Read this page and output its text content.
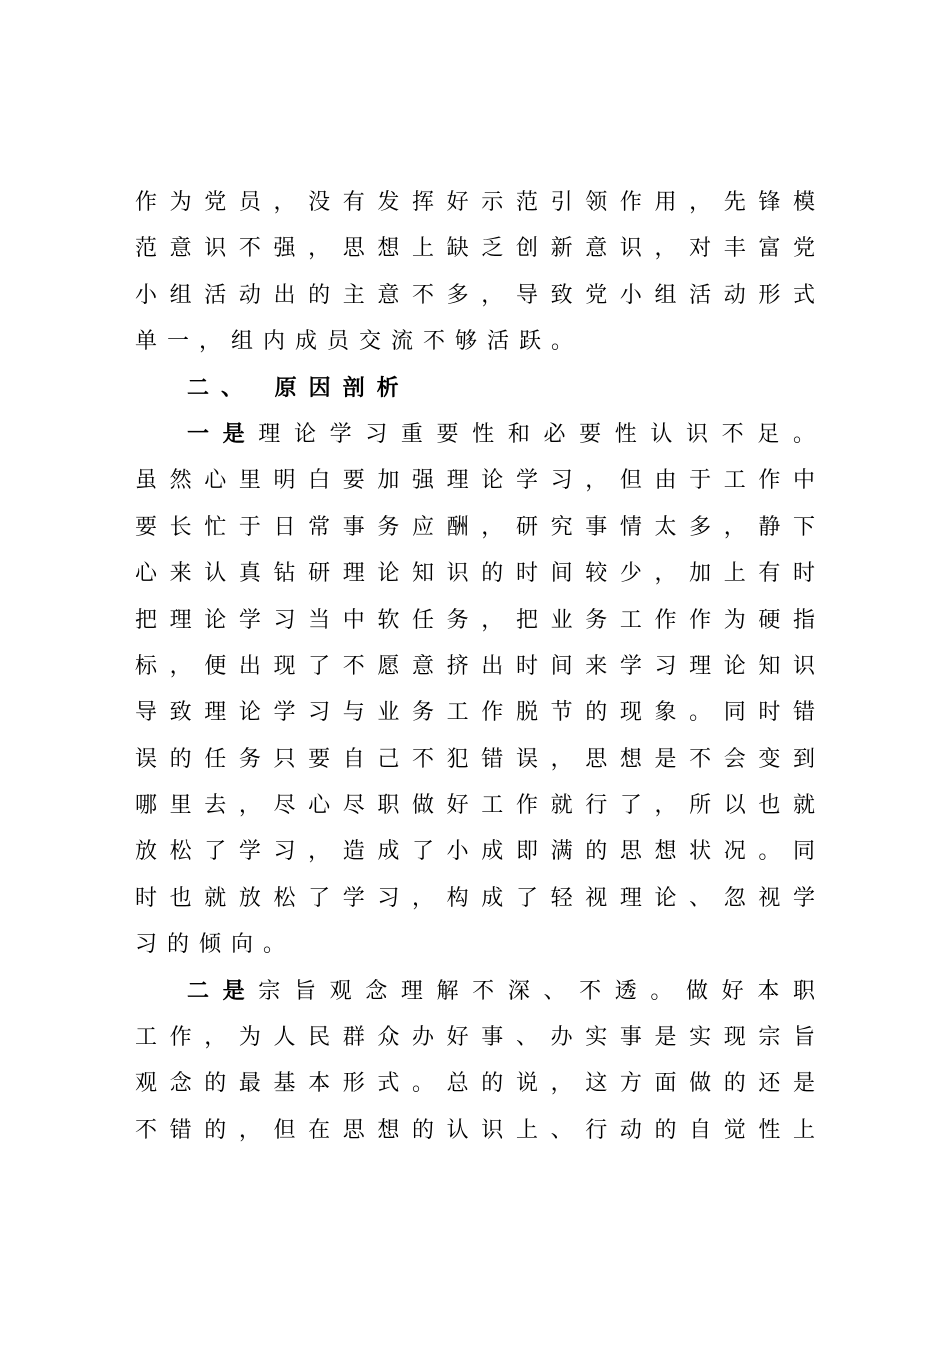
作为党员，没有发挥好示范引领作用，先锋模
范意识不强，思想上缺乏创新意识，对丰富党
小组活动出的主意不多，导致党小组活动形式
单一，组内成员交流不够活跃。
二、 原因剖析
一是理论学习重要性和必要性认识不足。
虽然心里明白要加强理论学习，但由于工作中
要长忙于日常事务应酬，研究事情太多，静下
心来认真钻研理论知识的时间较少，加上有时
把理论学习当中软任务，把业务工作作为硬指
标，便出现了不愿意挤出时间来学习理论知识
导致理论学习与业务工作脱节的现象。同时错
误的任务只要自己不犯错误，思想是不会变到
哪里去，尽心尽职做好工作就行了，所以也就
放松了学习，造成了小成即满的思想状况。同
时也就放松了学习，构成了轻视理论、忽视学
习的倾向。
二是宗旨观念理解不深、不透。做好本职
工作，为人民群众办好事、办实事是实现宗旨
观念的最基本形式。总的说，这方面做的还是
不错的，但在思想的认识上、行动的自觉性上
